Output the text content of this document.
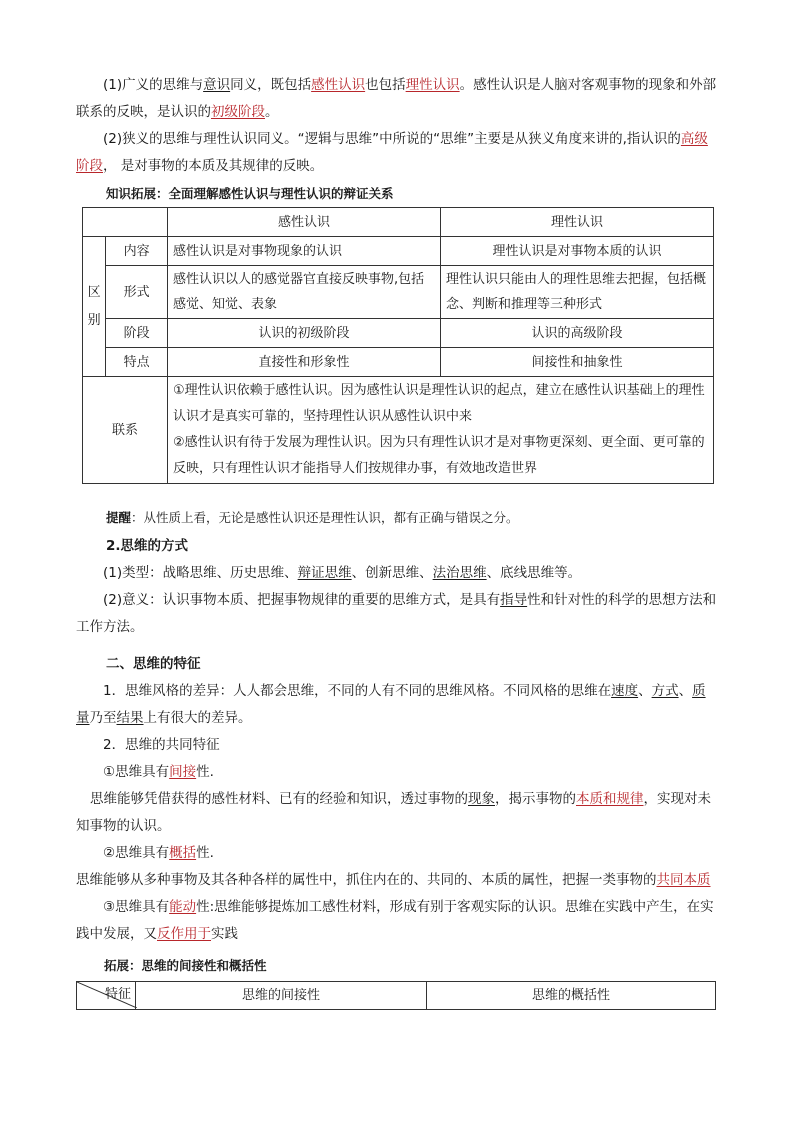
(1)广义的思维与意识同义，既包括感性认识也包括理性认识。感性认识是人脑对客观事物的现象和外部联系的反映，是认识的初级阶段。

(2)狭义的思维与理性认识同义。“逻辑与思维”中所说的“思维”主要是从狭义角度来讲的,指认识的高级阶段， 是对事物的本质及其规律的反映。

知识拓展：全面理解感性认识与理性认识的辩证关系

		感性认识	理性认识
区
别	内容	感性认识是对事物现象的认识	理性认识是对事物本质的认识
	形式	感性认识以人的感觉器官直接反映事物,包括感觉、知觉、表象	理性认识只能由人的理性思维去把握，包括概念、判断和推理等三种形式
	阶段	认识的初级阶段	认识的高级阶段
	特点	直接性和形象性	间接性和抽象性
联系		①理性认识依赖于感性认识。因为感性认识是理性认识的起点，建立在感性认识基础上的理性认识才是真实可靠的，坚持理性认识从感性认识中来
②感性认识有待于发展为理性认识。因为只有理性认识才是对事物更深刻、更全面、更可靠的反映，只有理性认识才能指导人们按规律办事，有效地改造世界	

提醒：从性质上看，无论是感性认识还是理性认识，都有正确与错误之分。

2.思维的方式

(1)类型：战略思维、历史思维、辩证思维、创新思维、法治思维、底线思维等。

(2)意义：认识事物本质、把握事物规律的重要的思维方式，是具有指导性和针对性的科学的思想方法和工作方法。

二、思维的特征

1．思维风格的差异：人人都会思维，不同的人有不同的思维风格。不同风格的思维在速度、方式、质量乃至结果上有很大的差异。

2．思维的共同特征

①思维具有间接性.

思维能够凭借获得的感性材料、已有的经验和知识，透过事物的现象，揭示事物的本质和规律，实现对未知事物的认识。

②思维具有概括性.

思维能够从多种事物及其各种各样的属性中，抓住内在的、共同的、本质的属性，把握一类事物的共同本质

③思维具有能动性:思维能够提炼加工感性材料，形成有别于客观实际的认识。思维在实践中产生，在实践中发展，又反作用于实践

拓展：思维的间接性和概括性

特征	思维的间接性	思维的概括性
